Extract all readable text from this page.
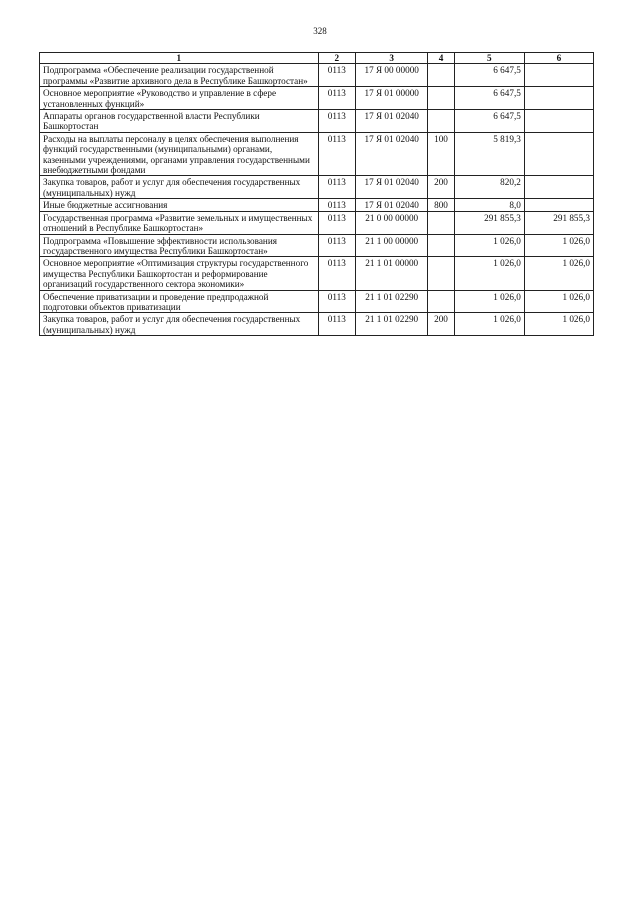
328
1	2	3	4	5	6
Подпрограмма «Обеспечение реализации государственной программы «Развитие архивного дела в Республике Башкортостан»	0113	17 Я 00 00000		6 647,5	
Основное мероприятие «Руководство и управление в сфере установленных функций»	0113	17 Я 01 00000		6 647,5	
Аппараты органов государственной власти Республики Башкортостан	0113	17 Я 01 02040		6 647,5	
Расходы на выплаты персоналу в целях обеспечения выполнения функций государственными (муниципальными) органами, казенными учреждениями, органами управления государственными внебюджетными фондами	0113	17 Я 01 02040	100	5 819,3	
Закупка товаров, работ и услуг для обеспечения государственных (муниципальных) нужд	0113	17 Я 01 02040	200	820,2	
Иные бюджетные ассигнования	0113	17 Я 01 02040	800	8,0	
Государственная программа «Развитие земельных и имущественных отношений в Республике Башкортостан»	0113	21 0 00 00000		291 855,3	291 855,3
Подпрограмма «Повышение эффективности использования государственного имущества Республики Башкортостан»	0113	21 1 00 00000		1 026,0	1 026,0
Основное мероприятие «Оптимизация структуры государственного имущества Республики Башкортостан и реформирование организаций государственного сектора экономики»	0113	21 1 01 00000		1 026,0	1 026,0
Обеспечение приватизации и проведение предпродажной подготовки объектов приватизации	0113	21 1 01 02290		1 026,0	1 026,0
Закупка товаров, работ и услуг для обеспечения государственных (муниципальных) нужд	0113	21 1 01 02290	200	1 026,0	1 026,0
